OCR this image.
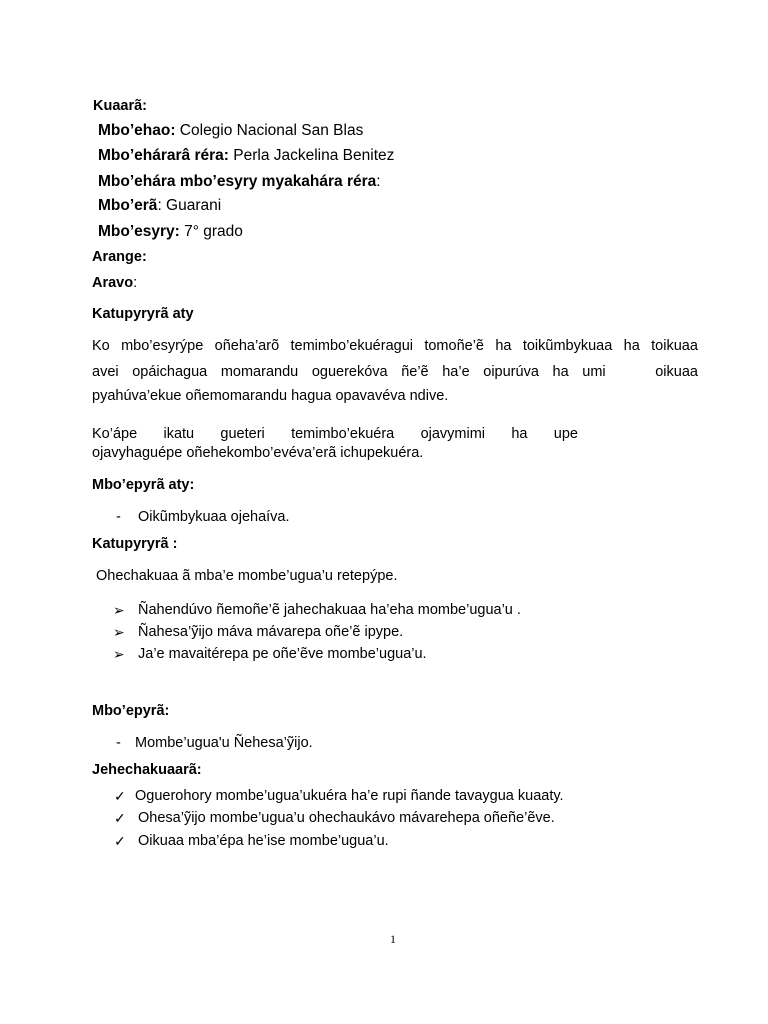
Kuaarã:
Mbo’ehao: Colegio Nacional San Blas
Mbo’ehárarâ réra: Perla Jackelina Benitez
Mbo’ehára mbo’esyry myakahára réra:
Mbo’erã: Guarani
Mbo’esyry: 7° grado
Arange:
Aravo:
Katupyryrã aty
Ko mbo’esyrýpe oñeha’arõ temimbo’ekuéragui tomoñe’ẽ ha toikũmbykuaa ha toikuaa
avei opáichagua momarandu oguerekóva ñe’ẽ ha’e oipurúva ha umi	oikuaa
pyahúva’ekue oñemomarandu hagua opavavéva ndive.
Ko’ápe ikatu gueteri temimbo’ekuéra ojavymimi ha upe
ojavyhaguépe oñehekombo’evéva’erã ichupekuéra.
Mbo’epyrã aty:
- Oikũmbykuaa ojehaíva.
Katupyryrã :
Ohechakuaa ã mba’e mombe’ugua’u retepýpe.
➢ Ñahendúvo ñemoñe’ẽ jahechakuaa ha’eha mombe’ugua’u .
➢ Ñahesa’ỹijo máva mávarepa oñe’ẽ ipype.
➢ Ja’e mavaitérepa pe oñe’ẽve mombe’ugua’u.
Mbo’epyrã:
- Mombe’ugua'u Ñehesa’ỹijo.
Jehechakuaarã:
✓ Oguerohory mombe’ugua’ukuéra ha’e rupi ñande tavaygua kuaaty.
✓ Ohesa’ỹijo mombe’ugua’u ohechaukávo mávarehepa oñeñe’ẽve.
✓ Oikuaa mba’épa he’ise mombe’ugua’u.
1
